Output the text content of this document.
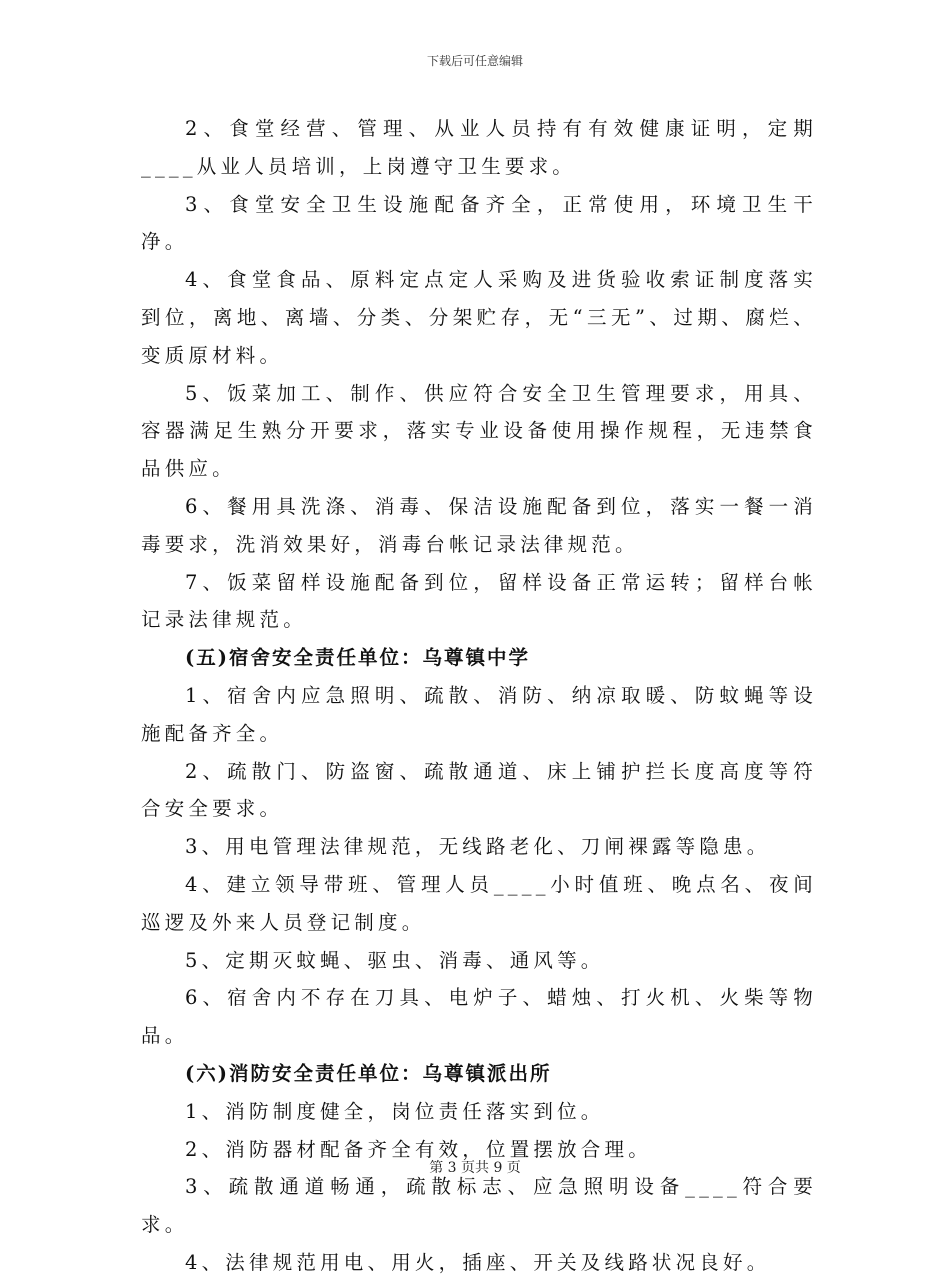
下载后可任意编辑

2、食堂经营、管理、从业人员持有有效健康证明，定期____从业人员培训，上岗遵守卫生要求。

3、食堂安全卫生设施配备齐全，正常使用，环境卫生干净。

4、食堂食品、原料定点定人采购及进货验收索证制度落实到位，离地、离墙、分类、分架贮存，无“三无”、过期、腐烂、变质原材料。

5、饭菜加工、制作、供应符合安全卫生管理要求，用具、容器满足生熟分开要求，落实专业设备使用操作规程，无违禁食品供应。

6、餐用具洗涤、消毒、保洁设施配备到位，落实一餐一消毒要求，洗消效果好，消毒台帐记录法律规范。

7、饭菜留样设施配备到位，留样设备正常运转；留样台帐记录法律规范。

(五)宿舍安全责任单位：乌尊镇中学

1、宿舍内应急照明、疏散、消防、纳凉取暖、防蚊蝇等设施配备齐全。

2、疏散门、防盗窗、疏散通道、床上铺护拦长度高度等符合安全要求。

3、用电管理法律规范，无线路老化、刀闸裸露等隐患。

4、建立领导带班、管理人员____小时值班、晚点名、夜间巡逻及外来人员登记制度。

5、定期灭蚊蝇、驱虫、消毒、通风等。

6、宿舍内不存在刀具、电炉子、蜡烛、打火机、火柴等物品。

(六)消防安全责任单位：乌尊镇派出所

1、消防制度健全，岗位责任落实到位。

2、消防器材配备齐全有效，位置摆放合理。

3、疏散通道畅通，疏散标志、应急照明设备____符合要求。

4、法律规范用电、用火，插座、开关及线路状况良好。

第 3 页共 9 页
